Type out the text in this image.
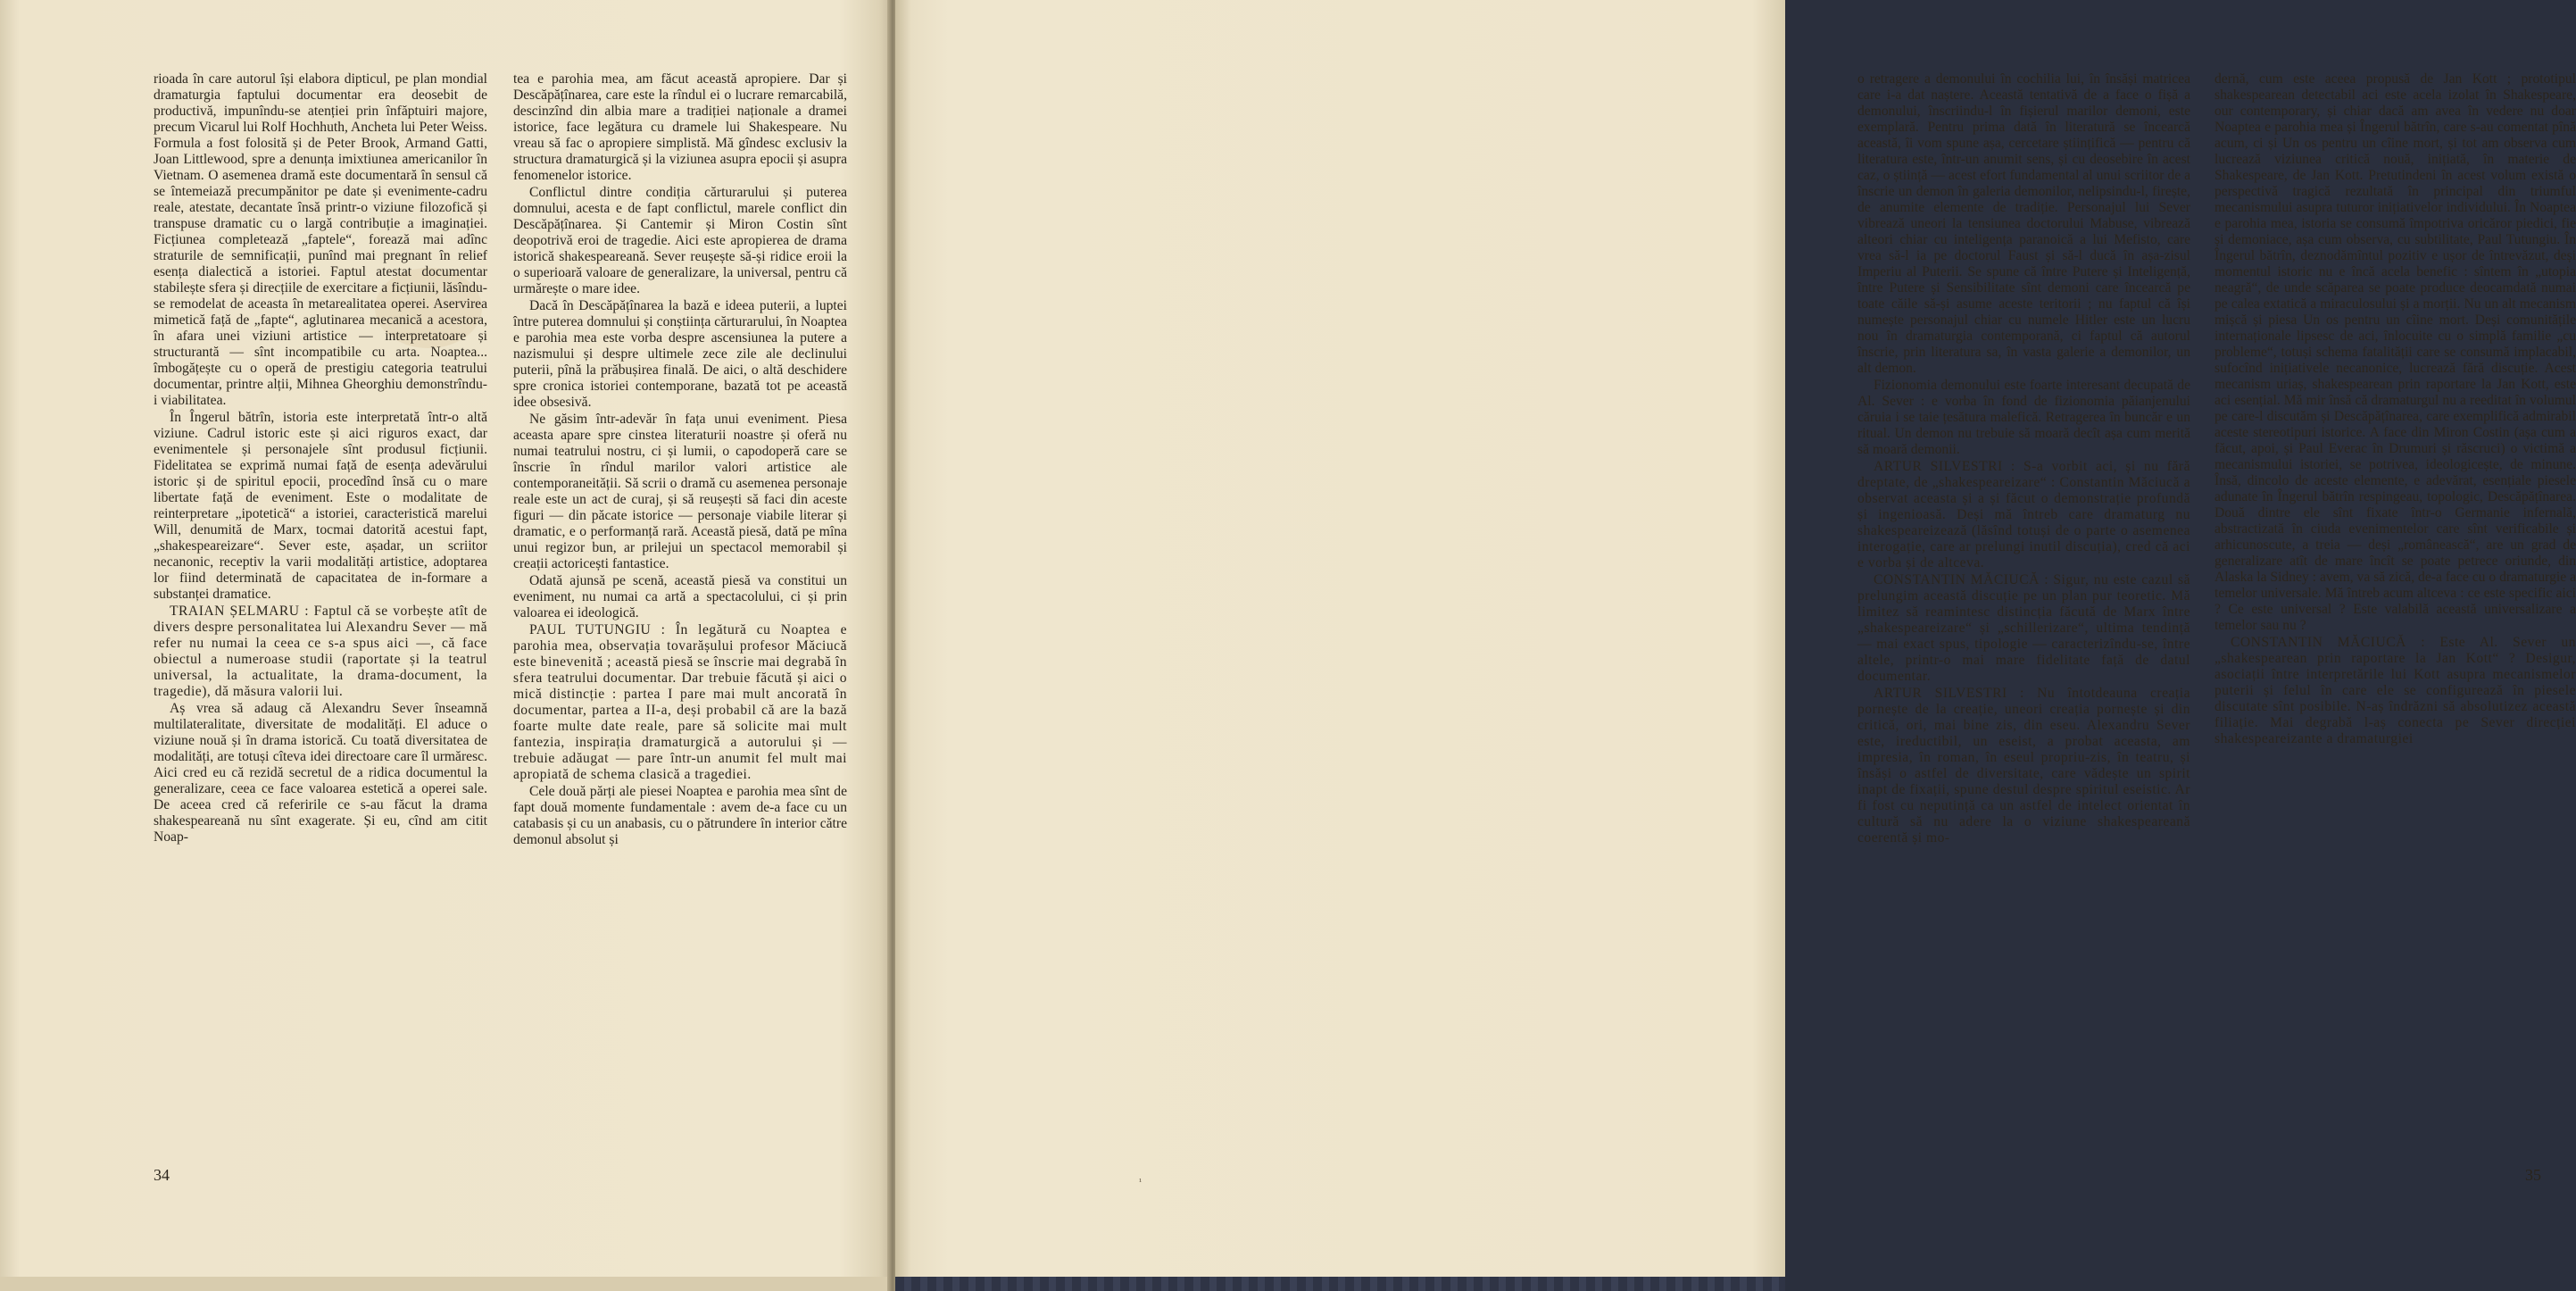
rioada în care autorul își elabora dipticul, pe plan mondial dramaturgia faptului documentar era deosebit de productivă, impunîndu-se atenției prin înfăptuiri majore, precum Vicarul lui Rolf Hochhuth, Ancheta lui Peter Weiss. Formula a fost folosită și de Peter Brook, Armand Gatti, Joan Littlewood, spre a denunța imixtiunea americanilor în Vietnam. O asemenea dramă este documentară în sensul că se întemeiază precumpănitor pe date și evenimente-cadru reale, atestate, decantate însă printr-o viziune filozofică și transpuse dramatic cu o largă contribuție a imaginației. Ficțiunea completează „faptele“, forează mai adînc straturile de semnificații, punînd mai pregnant în relief esența dialectică a istoriei. Faptul atestat documentar stabilește sfera și direcțiile de exercitare a ficțiunii, lăsîndu-se remodelat de aceasta în metarealitatea operei. Aservirea mimetică față de „fapte“, aglutinarea mecanică a acestora, în afara unei viziuni artistice — interpretatoare și structurantă — sînt incompatibile cu arta. Noaptea... îmbogățește cu o operă de prestigiu categoria teatrului documentar, printre alții, Mihnea Gheorghiu demonstrîndu-i viabilitatea.

În Îngerul bătrîn, istoria este interpretată într-o altă viziune. Cadrul istoric este și aici riguros exact, dar evenimentele și personajele sînt produsul ficțiunii. Fidelitatea se exprimă numai față de esența adevărului istoric și de spiritul epocii, procedînd însă cu o mare libertate față de eveniment. Este o modalitate de reinterpretare „ipotetică“ a istoriei, caracteristică marelui Will, denumită de Marx, tocmai datorită acestui fapt, „shakespeareizare“. Sever este, așadar, un scriitor necanonic, receptiv la varii modalități artistice, adoptarea lor fiind determinată de capacitatea de in-formare a substanței dramatice.

TRAIAN ȘELMARU : Faptul că se vorbește atît de divers despre personalitatea lui Alexandru Sever — mă refer nu numai la ceea ce s-a spus aici —, că face obiectul a numeroase studii (raportate și la teatrul universal, la actualitate, la drama-document, la tragedie), dă măsura valorii lui.

Aș vrea să adaug că Alexandru Sever înseamnă multilateralitate, diversitate de modalități. El aduce o viziune nouă și în drama istorică. Cu toată diversitatea de modalități, are totuși cîteva idei directoare care îl urmăresc. Aici cred eu că rezidă secretul de a ridica documentul la generalizare, ceea ce face valoarea estetică a operei sale. De aceea cred că referirile ce s-au făcut la drama shakespeareană nu sînt exagerate. Și eu, cînd am citit Noap-

tea e parohia mea, am făcut această apropiere. Dar și Descăpățînarea, care este la rîndul ei o lucrare remarcabilă, descinzînd din albia mare a tradiției naționale a dramei istorice, face legătura cu dramele lui Shakespeare. Nu vreau să fac o apropiere simplistă. Mă gîndesc exclusiv la structura dramaturgică și la viziunea asupra epocii și asupra fenomenelor istorice.

Conflictul dintre condiția cărturarului și puterea domnului, acesta e de fapt conflictul, marele conflict din Descăpățînarea. Și Cantemir și Miron Costin sînt deopotrivă eroi de tragedie. Aici este apropierea de drama istorică shakespeareană. Sever reușește să-și ridice eroii la o superioară valoare de generalizare, la universal, pentru că urmărește o mare idee.

Dacă în Descăpățînarea la bază e ideea puterii, a luptei între puterea domnului și conștiința cărturarului, în Noaptea e parohia mea este vorba despre ascensiunea la putere a nazismului și despre ultimele zece zile ale declinului puterii, pînă la prăbușirea finală. De aici, o altă deschidere spre cronica istoriei contemporane, bazată tot pe această idee obsesivă.

Ne găsim într-adevăr în fața unui eveniment. Piesa aceasta apare spre cinstea literaturii noastre și oferă nu numai teatrului nostru, ci și lumii, o capodoperă care se înscrie în rîndul marilor valori artistice ale contemporaneității. Să scrii o dramă cu asemenea personaje reale este un act de curaj, și să reușești să faci din aceste figuri — din păcate istorice — personaje viabile literar și dramatic, e o performanță rară. Această piesă, dată pe mîna unui regizor bun, ar prilejui un spectacol memorabil și creații actoricești fantastice.

Odată ajunsă pe scenă, această piesă va constitui un eveniment, nu numai ca artă a spectacolului, ci și prin valoarea ei ideologică.

PAUL TUTUNGIU : În legătură cu Noaptea e parohia mea, observația tovarășului profesor Măciucă este binevenită ; această piesă se înscrie mai degrabă în sfera teatrului documentar. Dar trebuie făcută și aici o mică distincție : partea I pare mai mult ancorată în documentar, partea a II-a, deși probabil că are la bază foarte multe date reale, pare să solicite mai mult fantezia, inspirația dramaturgică a autorului și — trebuie adăugat — pare într-un anumit fel mult mai apropiată de schema clasică a tragediei.

Cele două părți ale piesei Noaptea e parohia mea sînt de fapt două momente fundamentale : avem de-a face cu un catabasis și cu un anabasis, cu o pătrundere în interior către demonul absolut și

34

o retragere a demonului în cochilia lui, în însăși matricea care i-a dat naștere. Această tentativă de a face o fișă a demonului, înscriindu-l în fișierul marilor demoni, este exemplară. Pentru prima dată în literatură se încearcă această, îi vom spune așa, cercetare științifică — pentru că literatura este, într-un anumit sens, și cu deosebire în acest caz, o știință — acest efort fundamental al unui scriitor de a înscrie un demon în galeria demonilor, nelipsindu-l, firește, de anumite elemente de tradiție. Personajul lui Sever vibrează uneori la tensiunea doctorului Mabuse, vibrează alteori chiar cu inteligența paranoică a lui Mefisto, care vrea să-l ia pe doctorul Faust și să-l ducă în așa-zisul Imperiu al Puterii. Se spune că între Putere și Inteligență, între Putere și Sensibilitate sînt demoni care încearcă pe toate căile să-și asume aceste teritorii ; nu faptul că își numește personajul chiar cu numele Hitler este un lucru nou în dramaturgia contemporană, ci faptul că autorul înscrie, prin literatura sa, în vasta galerie a demonilor, un alt demon.

Fizionomia demonului este foarte interesant decupată de Al. Sever : e vorba în fond de fizionomia păianjenului căruia i se taie țesătura malefică. Retragerea în buncăr e un ritual. Un demon nu trebuie să moară decît așa cum merită să moară demonii.

ARTUR SILVESTRI : S-a vorbit aci, și nu fără dreptate, de „shakespeareizare“ : Constantin Măciucă a observat aceasta și a și făcut o demonstrație profundă și ingenioasă. Deși mă întreb care dramaturg nu shakespeareizează (lăsînd totuși de o parte o asemenea interogație, care ar prelungi inutil discuția), cred că aci e vorba și de altceva.

CONSTANTIN MĂCIUCĂ : Sigur, nu este cazul să prelungim această discuție pe un plan pur teoretic. Mă limitez să reamintesc distincția făcută de Marx între „shakespeareizare“ și „schillerizare“, ultima tendință — mai exact spus, tipologie — caracterizîndu-se, între altele, printr-o mai mare fidelitate față de datul documentar.

ARTUR SILVESTRI : Nu întotdeauna creația pornește de la creație, uneori creația pornește și din critică, ori, mai bine zis, din eseu. Alexandru Sever este, ireductibil, un eseist, a probat aceasta, am impresia, în roman, în eseul propriu-zis, în teatru, și însăși o astfel de diversitate, care vădește un spirit inapt de fixații, spune destul despre spiritul eseistic. Ar fi fost cu neputință ca un astfel de intelect orientat în cultură să nu adere la o viziune shakespeareană coerentă și mo-

dernă, cum este aceea propusă de Jan Kott ; prototipul shakespearean detectabil aci este acela izolat în Shakespeare, our contemporary, și chiar dacă am avea în vedere nu doar Noaptea e parohia mea și Îngerul bătrîn, care s-au comentat pînă acum, ci și Un os pentru un cîine mort, și tot am observa cum lucrează viziunea critică nouă, inițiată, în materie de Shakespeare, de Jan Kott. Pretutindeni în acest volum există o perspectivă tragică rezultată în principal din triumful mecanismului asupra tuturor inițiativelor individului. În Noaptea e parohia mea, istoria se consumă împotriva oricăror piedici, fie și demoniace, așa cum observa, cu subtilitate, Paul Tutungiu. În Îngerul bătrîn, deznodămîntul pozitiv e ușor de întrevăzut, deși momentul istoric nu e încă acela benefic : sîntem în „utopia neagră“, de unde scăparea se poate produce deocamdată numai pe calea extatică a miraculosului și a morții. Nu un alt mecanism mișcă și piesa Un os pentru un cîine mort. Deși comunitățile internaționale lipsesc de aci, înlocuite cu o simplă familie „cu probleme“, totuși schema fatalității care se consumă implacabil, sufocînd inițiativele necanonice, lucrează fără discuție. Acest mecanism uriaș, shakespearean prin raportare la Jan Kott, este aci esențial. Mă mir însă că dramaturgul nu a reeditat în volumul pe care-l discutăm și Descăpățînarea, care exemplifică admirabil aceste stereotipuri istorice. A face din Miron Costin (așa cum a făcut, apoi, și Paul Everac în Drumuri și răscruci) o victimă a mecanismului istoriei, se potrivea, ideologicește, de minune. Însă, dincolo de aceste elemente, e adevărat, esențiale piesele adunate în Îngerul bătrîn respingeau, topologic, Descăpățînarea. Două dintre ele sînt fixate într-o Germanie infernală, abstractizată în ciuda evenimentelor care sînt verificabile și arhicunoscute, a treia — deși „românească“, are un grad de generalizare atît de mare încît se poate petrece oriunde, din Alaska la Sidney : avem, va să zică, de-a face cu o dramaturgie a temelor universale. Mă întreb acum altceva : ce este specific aici ? Ce este universal ? Este valabilă această universalizare a temelor sau nu ?

CONSTANTIN MĂCIUCĂ : Este Al. Sever un „shakespearean prin raportare la Jan Kott“ ? Desigur, asociații între interpretările lui Kott asupra mecanismelor puterii și felul în care ele se configurează în piesele discutate sînt posibile. N-aș îndrăzni să absolutizez această filiație. Mai degrabă l-aș conecta pe Sever direcției shakespeareizante a dramaturgiei

35
¹
